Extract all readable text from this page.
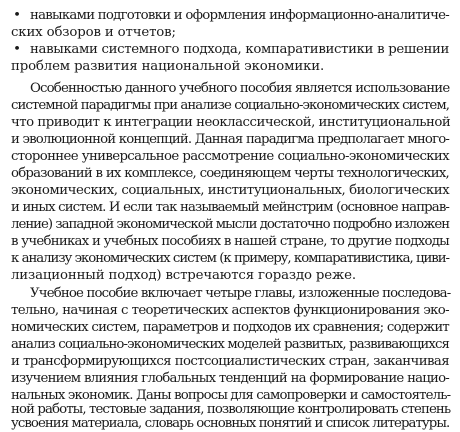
• навыками подготовки и оформления информационно-аналитиче-
ских обзоров и отчетов;
• навыками системного подхода, компаративистики в решении
проблем развития национальной экономики.
Особенностью данного учебного пособия является использование
системной парадигмы при анализе социально-экономических систем,
что приводит к интеграции неоклассической, институциональной
и эволюционной концепций. Данная парадигма предполагает много-
стороннее универсальное рассмотрение социально-экономических
образований в их комплексе, соединяющем черты технологических,
экономических, социальных, институциональных, биологических
и иных систем. И если так называемый мейнстрим (основное направ-
ление) западной экономической мысли достаточно подробно изложен
в учебниках и учебных пособиях в нашей стране, то другие подходы
к анализу экономических систем (к примеру, компаративистика, циви-
лизационный подход) встречаются гораздо реже.
Учебное пособие включает четыре главы, изложенные последова-
тельно, начиная с теоретических аспектов функционирования эко-
номических систем, параметров и подходов их сравнения; содержит
анализ социально-экономических моделей развитых, развивающихся
и трансформирующихся постсоциалистических стран, заканчивая
изучением влияния глобальных тенденций на формирование нацио-
нальных экономик. Даны вопросы для самопроверки и самостоятель-
ной работы, тестовые задания, позволяющие контролировать степень
усвоения материала, словарь основных понятий и список литературы.
